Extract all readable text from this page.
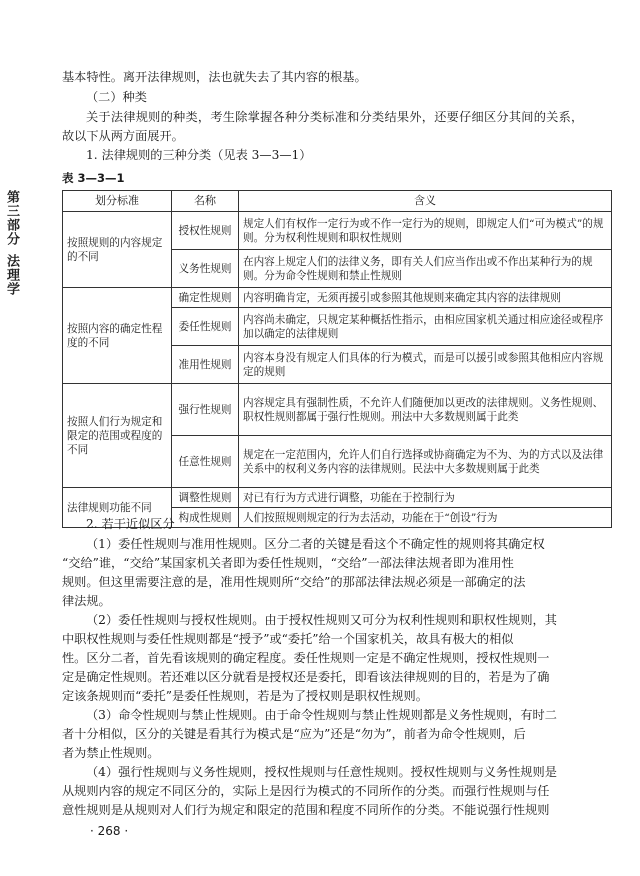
基本特性。离开法律规则，法也就失去了其内容的根基。
（二）种类
关于法律规则的种类，考生除掌握各种分类标准和分类结果外，还要仔细区分其间的关系，
故以下从两方面展开。
1. 法律规则的三种分类（见表 3—3—1）
第三部分
法理学
表 3—3—1
划分标准	名称	含义
按照规则的内容规定的不同	授权性规则	规定人们有权作一定行为或不作一定行为的规则，即规定人们“可为模式”的规则。分为权利性规则和职权性规则
	义务性规则	在内容上规定人们的法律义务，即有关人们应当作出或不作出某种行为的规则。分为命令性规则和禁止性规则
按照内容的确定性程度的不同	确定性规则	内容明确肯定，无须再援引或参照其他规则来确定其内容的法律规则
	委任性规则	内容尚未确定，只规定某种概括性指示，由相应国家机关通过相应途径或程序加以确定的法律规则
	准用性规则	内容本身没有规定人们具体的行为模式，而是可以援引或参照其他相应内容规定的规则
按照人们行为规定和限定的范围或程度的不同	强行性规则	内容规定具有强制性质，不允许人们随便加以更改的法律规则。义务性规则、职权性规则都属于强行性规则。刑法中大多数规则属于此类
	任意性规则	规定在一定范围内，允许人们自行选择或协商确定为不为、为的方式以及法律关系中的权利义务内容的法律规则。民法中大多数规则属于此类
法律规则功能不同	调整性规则	对已有行为方式进行调整，功能在于控制行为
	构成性规则	人们按照规则规定的行为去活动，功能在于“创设”行为
2. 若干近似区分
（1）委任性规则与准用性规则。区分二者的关键是看这个不确定性的规则将其确定权
“交给”谁，“交给”某国家机关者即为委任性规则，“交给”一部法律法规者即为准用性
规则。但这里需要注意的是，准用性规则所“交给”的那部法律法规必须是一部确定的法
律法规。
（2）委任性规则与授权性规则。由于授权性规则又可分为权利性规则和职权性规则，其
中职权性规则与委任性规则都是“授予”或“委托”给一个国家机关，故具有极大的相似
性。区分二者，首先看该规则的确定程度。委任性规则一定是不确定性规则，授权性规则一
定是确定性规则。若还难以区分就看是授权还是委托，即看该法律规则的目的，若是为了确
定该条规则而“委托”是委任性规则，若是为了授权则是职权性规则。
（3）命令性规则与禁止性规则。由于命令性规则与禁止性规则都是义务性规则，有时二
者十分相似，区分的关键是看其行为模式是“应为”还是“勿为”，前者为命令性规则，后
者为禁止性规则。
（4）强行性规则与义务性规则，授权性规则与任意性规则。授权性规则与义务性规则是
从规则内容的规定不同区分的，实际上是因行为模式的不同所作的分类。而强行性规则与任
意性规则是从规则对人们行为规定和限定的范围和程度不同所作的分类。不能说强行性规则
· 268 ·
